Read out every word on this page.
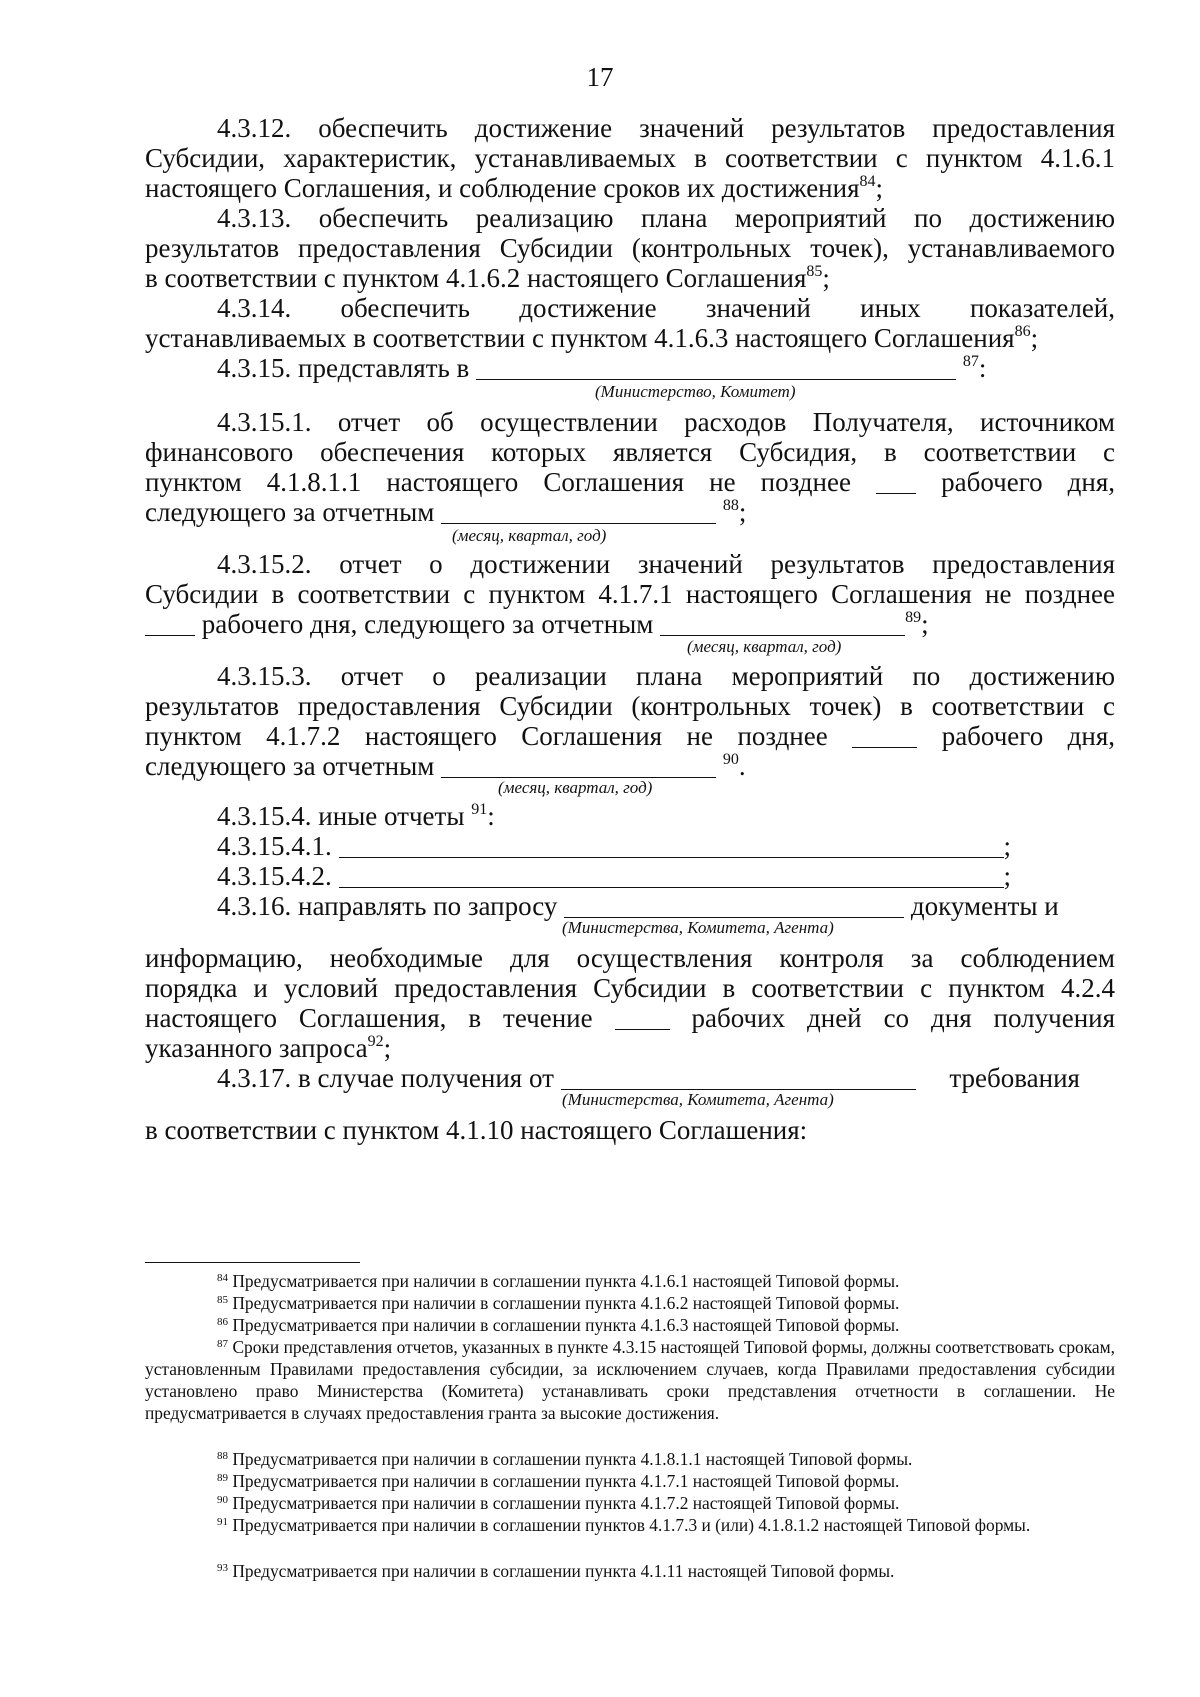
17
4.3.12. обеспечить достижение значений результатов предоставления
Субсидии, характеристик, устанавливаемых в соответствии с пунктом 4.1.6.1
настоящего Соглашения, и соблюдение сроков их достижения$^{84}$;
4.3.13. обеспечить реализацию плана мероприятий по достижению
результатов предоставления Субсидии (контрольных точек), устанавливаемого
в соответствии с пунктом 4.1.6.2 настоящего Соглашения$^{85}$;
4.3.14. обеспечить достижение значений иных показателей,
устанавливаемых в соответствии с пунктом 4.1.6.3 настоящего Соглашения$^{86}$;
4.3.15. представлять в	$^{87}$:
(Министерство, Комитет)
4.3.15.1. отчет об осуществлении расходов Получателя, источником
финансового обеспечения которых является Субсидия, в соответствии с
пунктом 4.1.8.1.1 настоящего Соглашения не позднее	рабочего дня,
следующего за отчетным	$^{88}$;
(месяц, квартал, год)
4.3.15.2. отчет о достижении значений результатов предоставления
Субсидии в соответствии с пунктом 4.1.7.1 настоящего Соглашения не позднее
рабочего дня, следующего за отчетным	$^{89}$;
(месяц, квартал, год)
4.3.15.3. отчет о реализации плана мероприятий по достижению
результатов предоставления Субсидии (контрольных точек) в соответствии с
пунктом 4.1.7.2 настоящего Соглашения не позднее	рабочего дня,
следующего за отчетным	$^{90}$.
(месяц, квартал, год)
4.3.15.4. иные отчеты $^{91}$:
4.3.15.4.1.	;
4.3.15.4.2.	;
4.3.16. направлять по запросу	документы и
(Министерства, Комитета, Агента)
информацию, необходимые для осуществления контроля за соблюдением
порядка и условий предоставления Субсидии в соответствии с пунктом 4.2.4
настоящего Соглашения, в течение	рабочих дней со дня получения
указанного запроса$^{92}$;
4.3.17. в случае получения от	требования
(Министерства, Комитета, Агента)
в соответствии с пунктом 4.1.10 настоящего Соглашения:
$^{84}$ Предусматривается при наличии в соглашении пункта 4.1.6.1 настоящей Типовой формы.
$^{85}$ Предусматривается при наличии в соглашении пункта 4.1.6.2 настоящей Типовой формы.
$^{86}$ Предусматривается при наличии в соглашении пункта 4.1.6.3 настоящей Типовой формы.
$^{87}$ Сроки представления отчетов, указанных в пункте 4.3.15 настоящей Типовой формы, должны соответствовать срокам, установленным Правилами предоставления субсидии, за исключением случаев, когда Правилами предоставления субсидии установлено право Министерства (Комитета) устанавливать сроки представления отчетности в соглашении. Не предусматривается в случаях предоставления гранта за высокие достижения.
$^{88}$ Предусматривается при наличии в соглашении пункта 4.1.8.1.1 настоящей Типовой формы.
$^{89}$ Предусматривается при наличии в соглашении пункта 4.1.7.1 настоящей Типовой формы.
$^{90}$ Предусматривается при наличии в соглашении пункта 4.1.7.2 настоящей Типовой формы.
$^{91}$ Предусматривается при наличии в соглашении пунктов 4.1.7.3 и (или) 4.1.8.1.2 настоящей Типовой формы.
$^{93}$ Предусматривается при наличии в соглашении пункта 4.1.11 настоящей Типовой формы.
